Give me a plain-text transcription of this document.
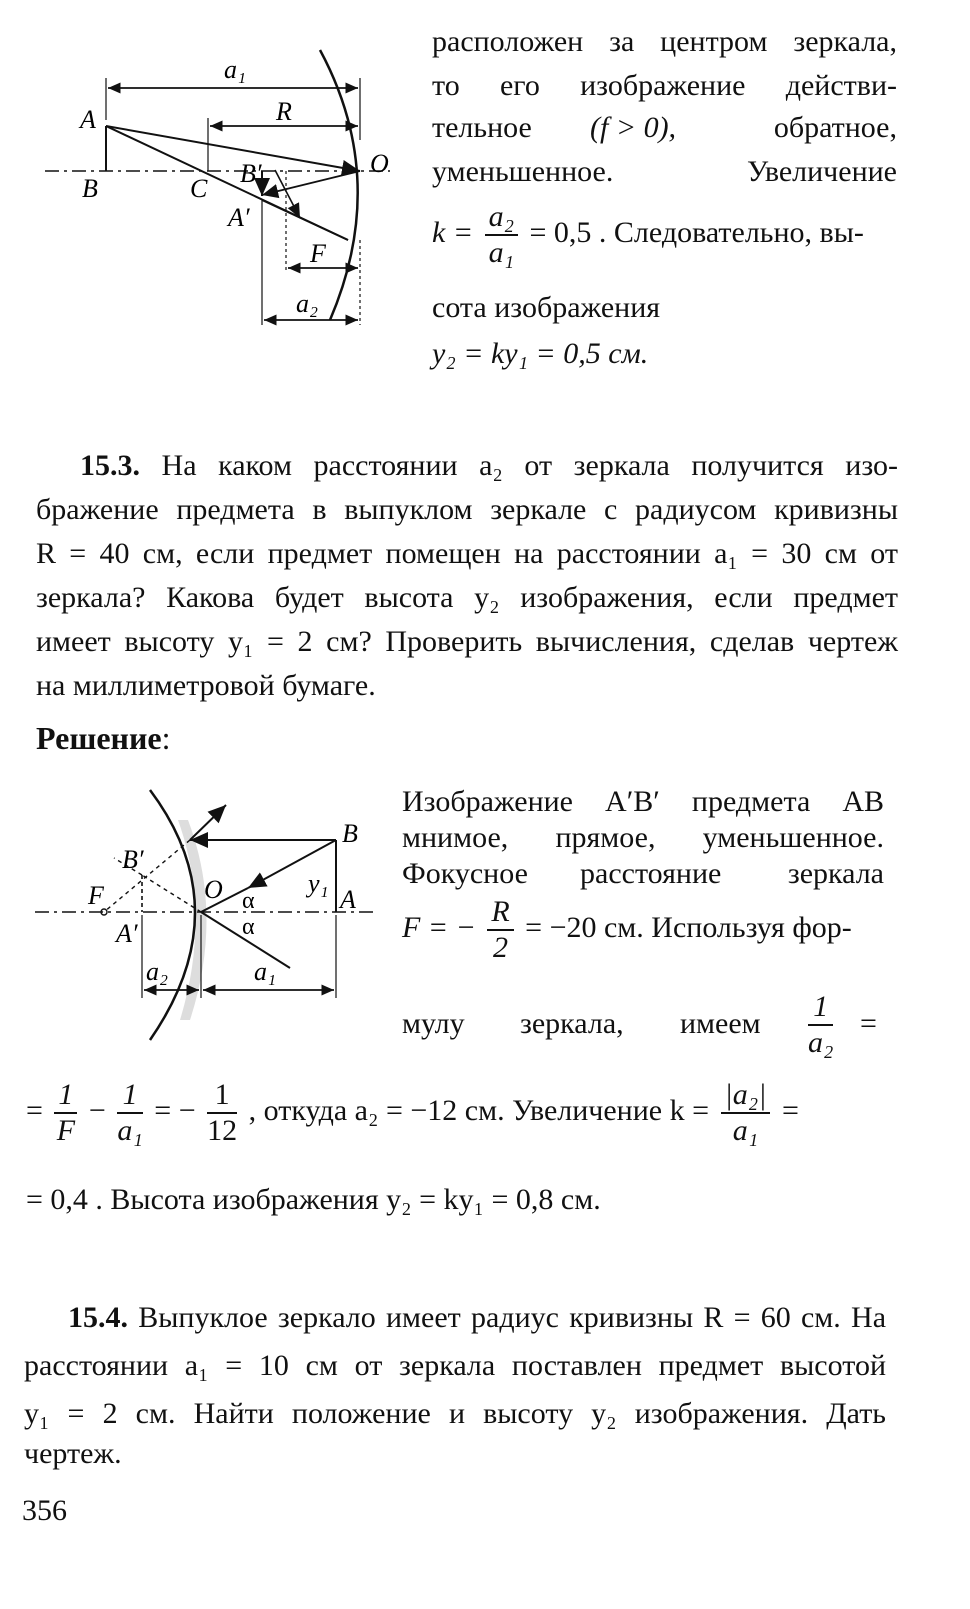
a₁
R
A
B	C
B′
A′
O
F
a₂
расположен за центром зеркала,
то его изображение действи-
тельное (f > 0),	обратное,
уменьшенное.	Увеличение
$k = \frac{\text{a₂}}{\text{a₁}} = 0,5$ . Следовательно, вы-
сота изображения
y₂ = ky₁ = 0,5 см.
15.3. На каком расстоянии a₂ от зеркала получится изо-
бражение предмета в выпуклом зеркале с радиусом кривизны
R = 40 см, если предмет помещен на расстоянии a₁ = 30 см от
зеркала? Какова будет высота y₂ изображения, если предмет
имеет высоту y₁ = 2 см? Проверить вычисления, сделав чертеж
на миллиметровой бумаге.
Решение:
B
B′
F	O	y₁
A
A′
α
α
a₂	a₁
Изображение A′B′ предмета AB
мнимое, прямое, уменьшенное.
Фокусное расстояние зеркала
F = − $\frac{R}{2} = -20$ см. Используя фор-
мулу зеркала, имеем $\frac{1}{\text{a₂}}$ =
= $\frac{1}{F} - \frac{1}{\text{a₁}}$ = − $\frac{1}{12}$ , откуда a₂ = −12 см. Увеличение $k = \frac{\text{|a₂|}}{\text{a₁}}$ =
= 0,4 . Высота изображения y₂ = ky₁ = 0,8 см.
15.4. Выпуклое зеркало имеет радиус кривизны R = 60 см. На
расстоянии a₁ = 10 см от зеркала поставлен предмет высотой
y₁ = 2 см. Найти положение и высоту y₂ изображения. Дать
чертеж.
356
